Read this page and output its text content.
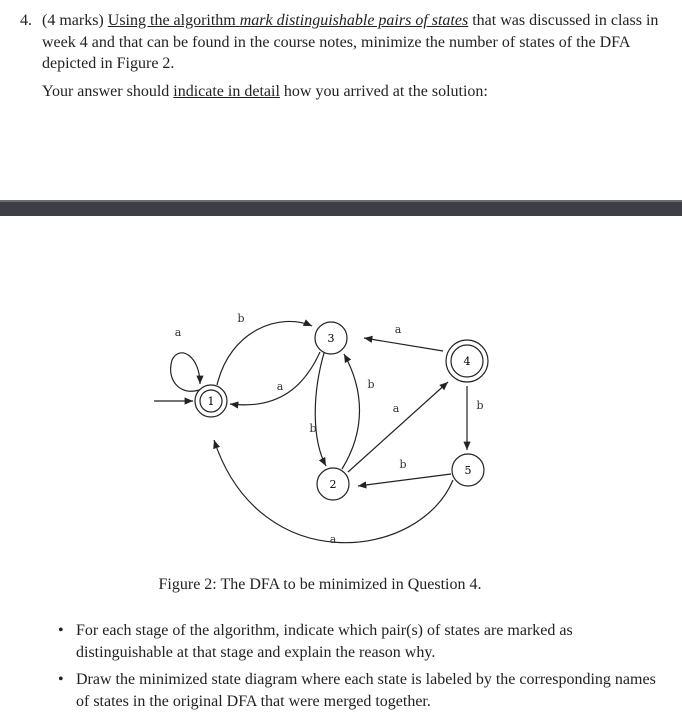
4. (4 marks) Using the algorithm mark distinguishable pairs of states that was discussed in class in week 4 and that can be found in the course notes, minimize the number of states of the DFA depicted in Figure 2.
Your answer should indicate in detail how you arrived at the solution:
1
3
4
2
5
a
b
a
b
b
a
a	b
b
a
Figure 2: The DFA to be minimized in Question 4.
• For each stage of the algorithm, indicate which pair(s) of states are marked as distinguishable at that stage and explain the reason why.
• Draw the minimized state diagram where each state is labeled by the corresponding names of states in the original DFA that were merged together.
